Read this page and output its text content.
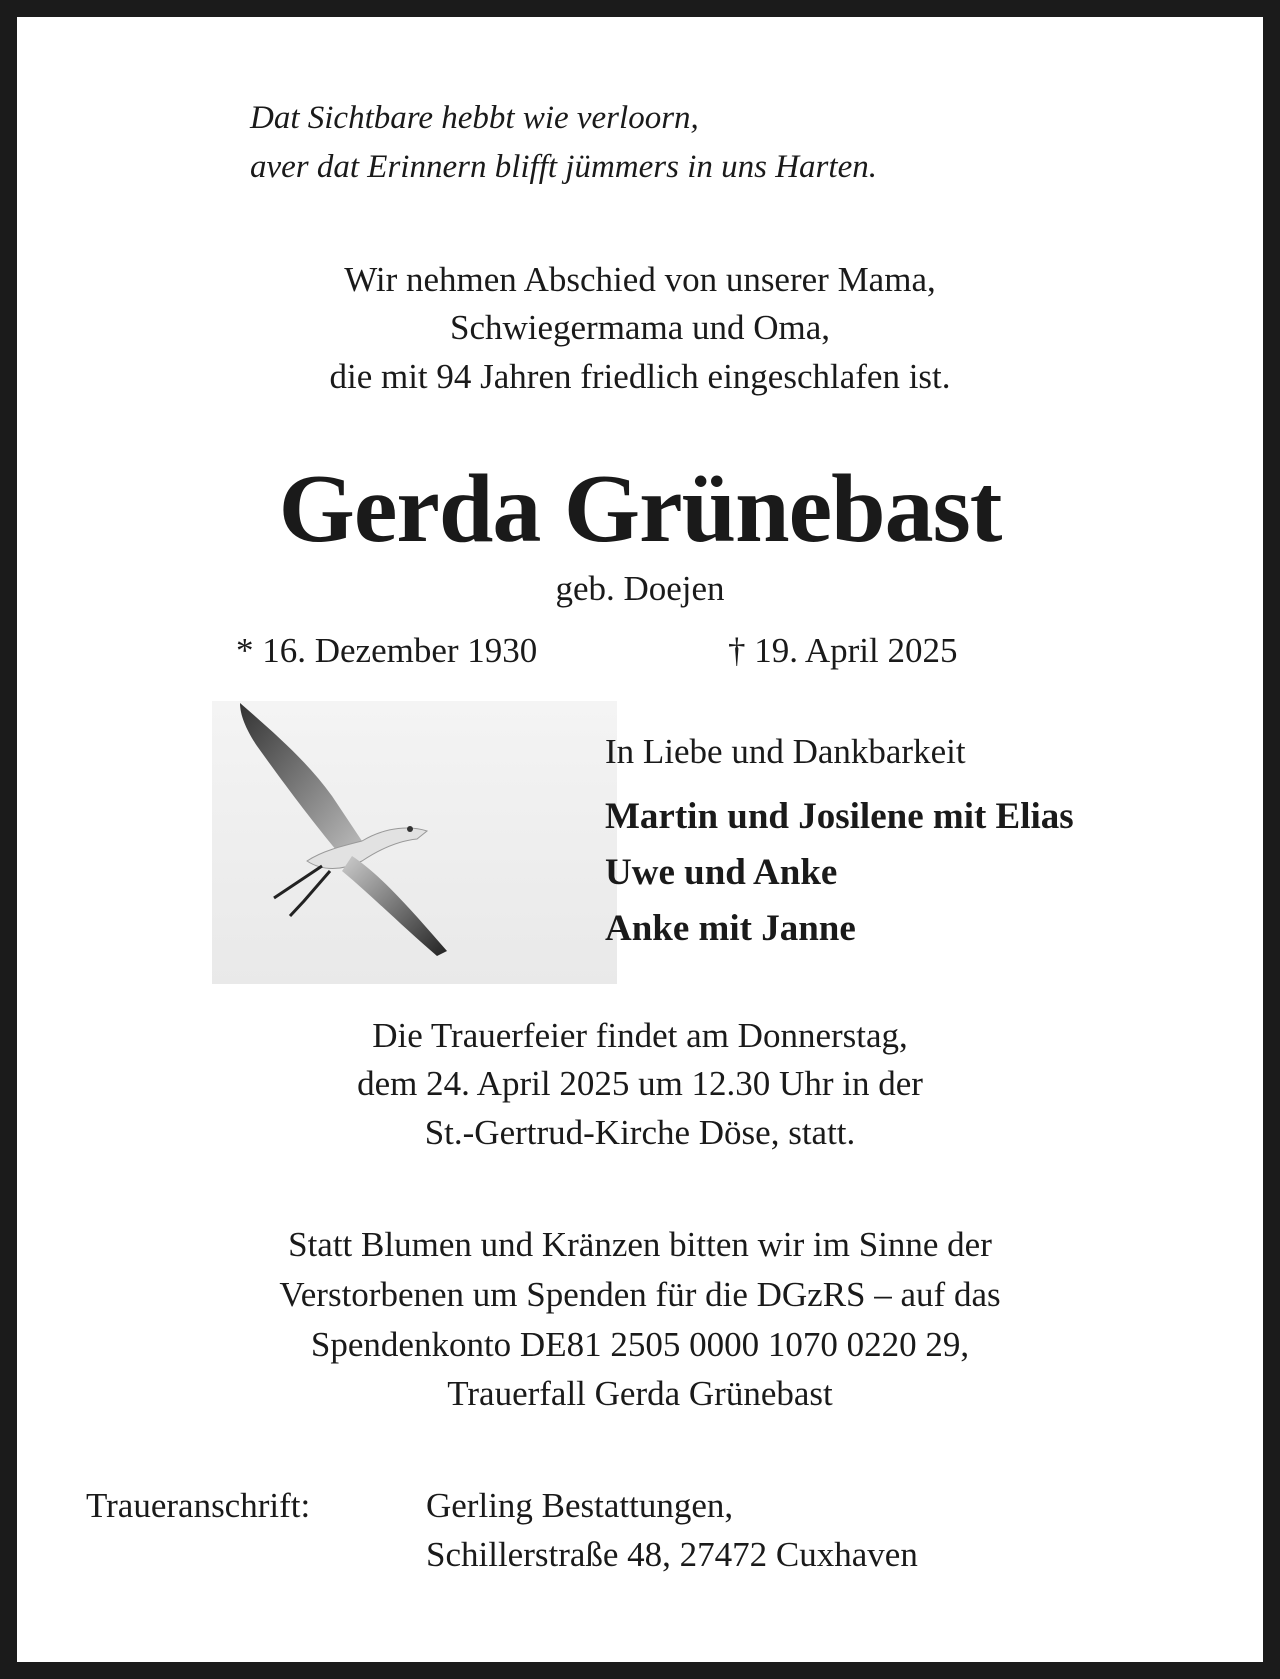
Dat Sichtbare hebbt wie verloorn,
aver dat Erinnern blifft jümmers in uns Harten.
Wir nehmen Abschied von unserer Mama,
Schwiegermama und Oma,
die mit 94 Jahren friedlich eingeschlafen ist.
Gerda Grünebast
geb. Doejen
* 16. Dezember 1930	† 19. April 2025
In Liebe und Dankbarkeit
Martin und Josilene mit Elias
Uwe und Anke
Anke mit Janne
Die Trauerfeier findet am Donnerstag,
dem 24. April 2025 um 12.30 Uhr in der
St.-Gertrud-Kirche Döse, statt.
Statt Blumen und Kränzen bitten wir im Sinne der
Verstorbenen um Spenden für die DGzRS – auf das
Spendenkonto DE81 2505 0000 1070 0220 29,
Trauerfall Gerda Grünebast
Traueranschrift:	Gerling Bestattungen,
Schillerstraße 48, 27472 Cuxhaven
